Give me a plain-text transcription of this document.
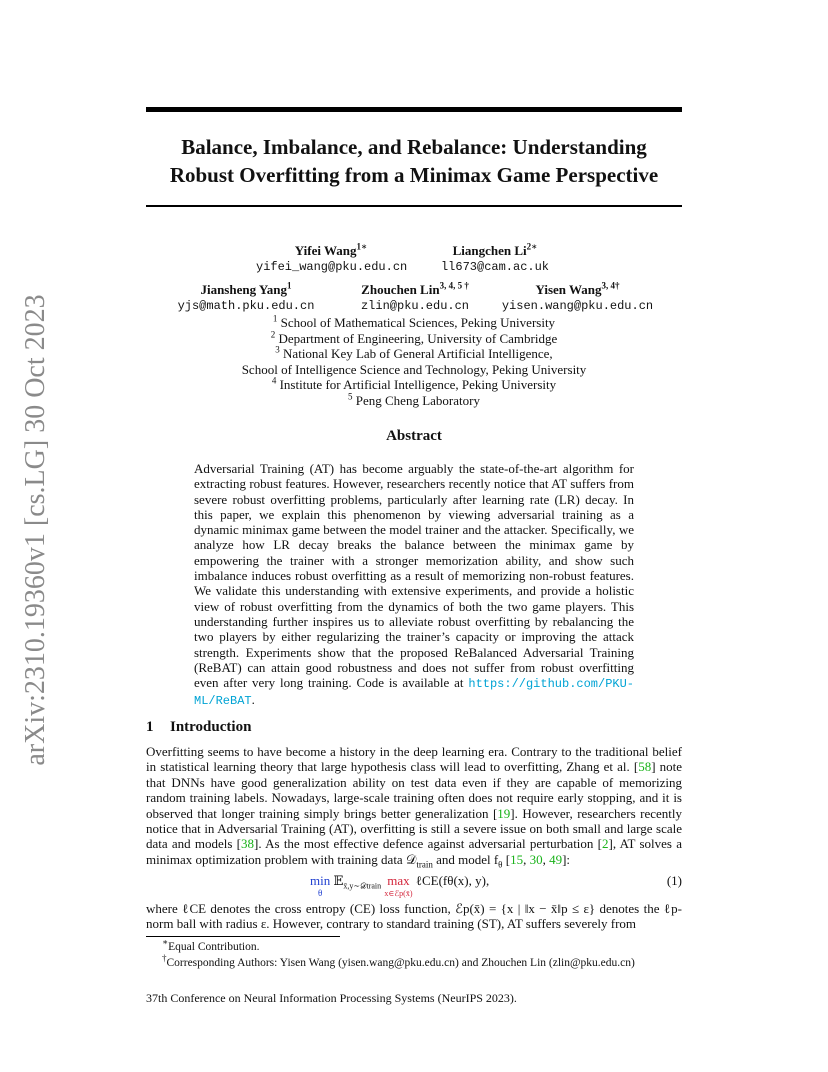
arXiv:2310.19360v1 [cs.LG] 30 Oct 2023
Balance, Imbalance, and Rebalance: Understanding
Robust Overfitting from a Minimax Game Perspective
Yifei Wang$^{1∗}$
yifei_wang@pku.edu.cn
Liangchen $Li^{2∗}$
ll673@cam.ac.uk
Jiansheng Yang$^1$
yjs@math.pku.edu.cn
Zhouchen Lin$^{3, 4, 5 \dagger}$
zlin@pku.edu.cn
Yisen Wang$^{3, 4\dagger}$
yisen.wang@pku.edu.cn
$^1$ School of Mathematical Sciences, Peking University
$^2$ Department of Engineering, University of Cambridge
$^3$ National Key Lab of General Artificial Intelligence,
School of Intelligence Science and Technology, Peking University
$^4$ Institute for Artificial Intelligence, Peking University
$^5$ Peng Cheng Laboratory
Abstract
Adversarial Training (AT) has become arguably the state-of-the-art algorithm for extracting robust features. However, researchers recently notice that AT suffers from severe robust overfitting problems, particularly after learning rate (LR) decay. In this paper, we explain this phenomenon by viewing adversarial training as a dynamic minimax game between the model trainer and the attacker. Specifically, we analyze how LR decay breaks the balance between the minimax game by empowering the trainer with a stronger memorization ability, and show such imbalance induces robust overfitting as a result of memorizing non-robust features. We validate this understanding with extensive experiments, and provide a holistic view of robust overfitting from the dynamics of both the two game players. This understanding further inspires us to alleviate robust overfitting by rebalancing the two players by either regularizing the trainer’s capacity or improving the attack strength. Experiments show that the proposed ReBalanced Adversarial Training (ReBAT) can attain good robustness and does not suffer from robust overfitting even after very long training. Code is available at https://github.com/PKU-ML/ReBAT.
1 Introduction
Overfitting seems to have become a history in the deep learning era. Contrary to the traditional belief in statistical learning theory that large hypothesis class will lead to overfitting, Zhang et al. [58] note that DNNs have good generalization ability on test data even if they are capable of memorizing random training labels. Nowadays, large-scale training often does not require early stopping, and it is observed that longer training simply brings better generalization [19]. However, researchers recently notice that in Adversarial Training (AT), overfitting is still a severe issue on both small and large scale data and models [38]. As the most effective defence against adversarial perturbation [2], AT solves a minimax optimization problem with training data 𝒟$_{train}$ and model $f_\theta$ [15, 30, 49]:
min
$^\theta$ 𝔼$_{x̄,y\sim 𝒟train}$ max
$^{x\in ℰp(x̄)}$ ℓCE(fθ(x), y),	(1)
where ℓCE denotes the cross entropy (CE) loss function, ℰp(x̄) = {x | ‖x − x̄‖p ≤ ε} denotes the ℓp-norm ball with radius ε. However, contrary to standard training (ST), AT suffers severely from
∗Equal Contribution.
†Corresponding Authors: Yisen Wang (yisen.wang@pku.edu.cn) and Zhouchen Lin (zlin@pku.edu.cn)
37th Conference on Neural Information Processing Systems (NeurIPS 2023).
